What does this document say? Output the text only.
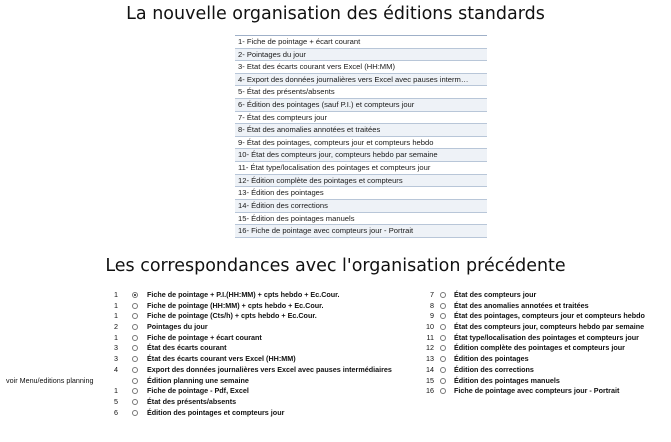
La nouvelle organisation des éditions standards
1- Fiche de pointage + écart courant
2- Pointages du jour
3- Etat des écarts courant vers Excel (HH:MM)
4- Export des données journalières vers Excel avec pauses interm…
5- État des présents/absents
6- Édition des pointages (sauf P.I.) et compteurs jour
7- État des compteurs jour
8- État des anomalies annotées et traitées
9- État des pointages, compteurs jour et compteurs hebdo
10- État des compteurs jour, compteurs hebdo par semaine
11- État type/localisation des pointages et compteurs jour
12- Édition complète des pointages et compteurs
13- Édition des pointages
14- Édition des corrections
15- Édition des pointages manuels
16- Fiche de pointage avec compteurs jour - Portrait
Les correspondances avec l'organisation précédente
1	Fiche de pointage + P.I.(HH:MM) + cpts hebdo + Ec.Cour.
1	Fiche de pointage (HH:MM) + cpts hebdo + Ec.Cour.
1	Fiche de pointage (Cts/h) + cpts hebdo + Ec.Cour.
2	Pointages du jour
1	Fiche de pointage + écart courant
3	État des écarts courant
3	État des écarts courant vers Excel (HH:MM)
4	Export des données journalières vers Excel avec pauses intermédiaires
voir Menu/editions planning	Édition planning une semaine
1	Fiche de pointage - Pdf, Excel
5	État des présents/absents
6	Édition des pointages et compteurs jour
7	État des compteurs jour
8	État des anomalies annotées et traitées
9	État des pointages, compteurs jour et compteurs hebdo
10	État des compteurs jour, compteurs hebdo par semaine
11	État type/localisation des pointages et compteurs jour
12	Édition complète des pointages et compteurs jour
13	Édition des pointages
14	Édition des corrections
15	Édition des pointages manuels
16	Fiche de pointage avec compteurs jour - Portrait
